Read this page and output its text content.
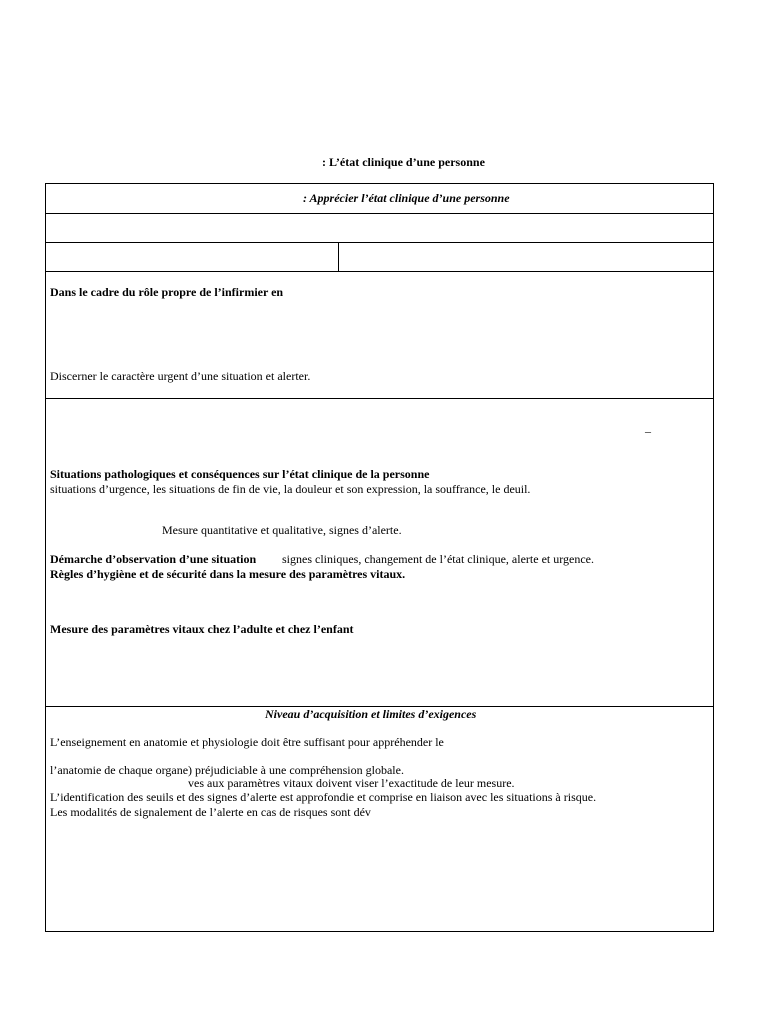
: L’état clinique d’une personne
: Apprécier l’état clinique d’une personne
Dans le cadre du rôle propre de l’infirmier en
Discerner le caractère urgent d’une situation et alerter.
–
Situations pathologiques et conséquences sur l’état clinique de la personne
situations d’urgence, les situations de fin de vie, la douleur et son expression, la souffrance, le deuil.
Mesure quantitative et qualitative, signes d’alerte.
Démarche d’observation d’une situation signes cliniques, changement de l’état clinique, alerte et urgence.
Règles d’hygiène et de sécurité dans la mesure des paramètres vitaux.
Mesure des paramètres vitaux chez l’adulte et chez l’enfant
Niveau d’acquisition et limites d’exigences
L’enseignement en anatomie et physiologie doit être suffisant pour appréhender le
l’anatomie de chaque organe) préjudiciable à une compréhension globale.
ves aux paramètres vitaux doivent viser l’exactitude de leur mesure.
L’identification des seuils et des signes d’alerte est approfondie et comprise en liaison avec les situations à risque.
Les modalités de signalement de l’alerte en cas de risques sont dév
